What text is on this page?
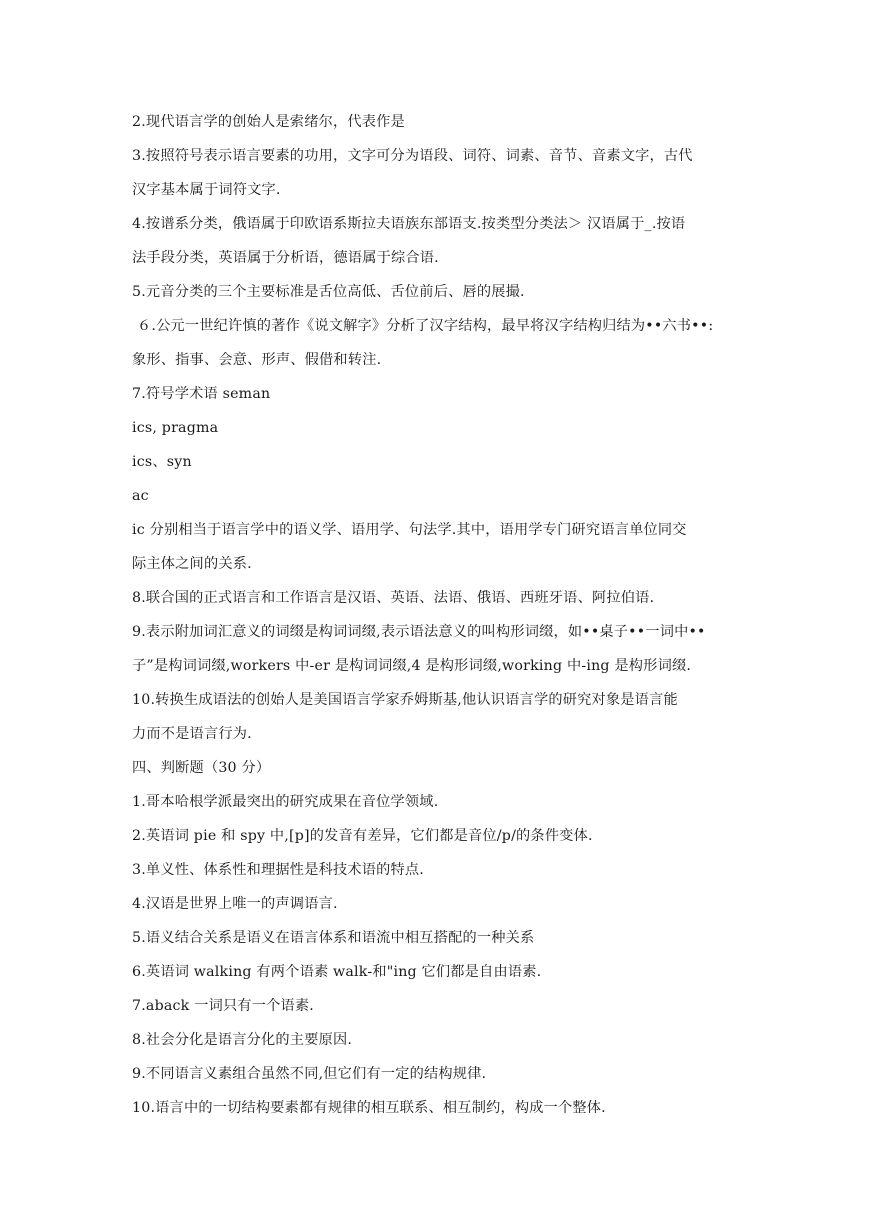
2.现代语言学的创始人是索绪尔，代表作是

3.按照符号表示语言要素的功用，文字可分为语段、词符、词素、音节、音素文字，古代

汉字基本属于词符文字.

4.按谱系分类，俄语属于印欧语系斯拉夫语族东部语支.按类型分类法＞ 汉语属于_.按语

法手段分类，英语属于分析语，德语属于综合语.

5.元音分类的三个主要标准是舌位高低、舌位前后、唇的展撮.

６.公元一世纪许慎的著作《说文解字》分析了汉字结构，最早将汉字结构归结为••六书••:

象形、指事、会意、形声、假借和转注.

7.符号学术语 seman

ics, pragma

ics、syn

ac

ic 分别相当于语言学中的语义学、语用学、句法学.其中，语用学专门研究语言单位同交

际主体之间的关系.

8.联合国的正式语言和工作语言是汉语、英语、法语、俄语、西班牙语、阿拉伯语.

9.表示附加词汇意义的词缀是构词词缀,表示语法意义的叫构形词缀，如••桌子••一词中••

子”是构词词缀,workers 中-er 是构词词缀,4 是构形词缀,working 中-ing 是构形词缀.

10.转换生成语法的创始人是美国语言学家乔姆斯基,他认识语言学的研究对象是语言能

力而不是语言行为.

四、判断题（30 分）

1.哥本哈根学派最突出的研究成果在音位学领域.

2.英语词 pie 和 spy 中,[p]的发音有差异，它们都是音位/p/的条件变体.

3.单义性、体系性和理据性是科技术语的特点.

4.汉语是世界上唯一的声调语言.

5.语义结合关系是语义在语言体系和语流中相互搭配的一种关系

6.英语词 walking 有两个语素 walk-和"ing 它们都是自由语素.

7.aback 一词只有一个语素.

8.社会分化是语言分化的主要原因.

9.不同语言义素组合虽然不同,但它们有一定的结构规律.

10.语言中的一切结构要素都有规律的相互联系、相互制约，构成一个整体.
